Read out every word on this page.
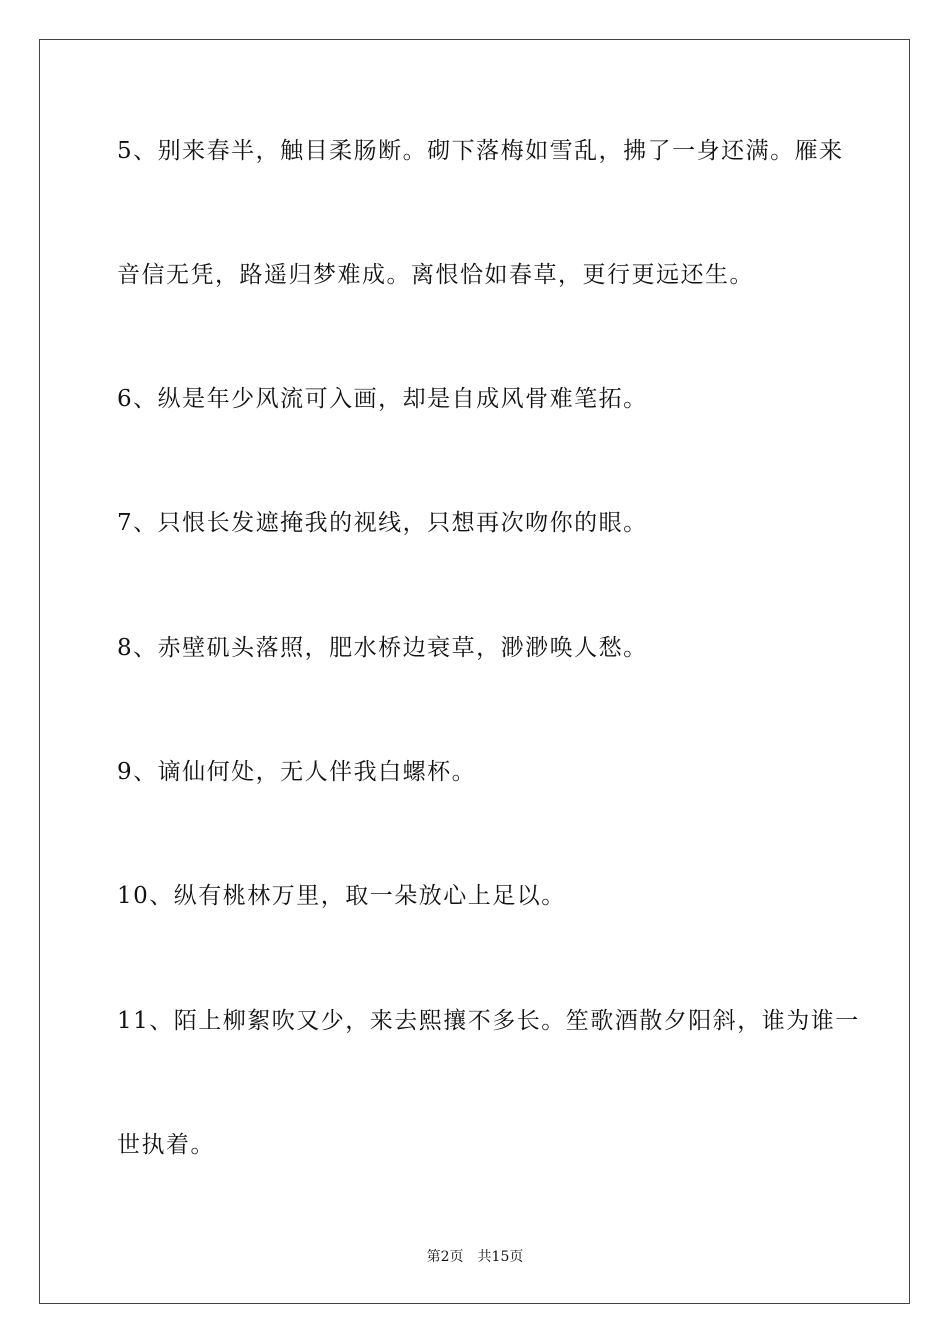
5、别来春半，触目柔肠断。砌下落梅如雪乱，拂了一身还满。雁来
音信无凭，路遥归梦难成。离恨恰如春草，更行更远还生。
6、纵是年少风流可入画，却是自成风骨难笔拓。
7、只恨长发遮掩我的视线，只想再次吻你的眼。
8、赤壁矶头落照，肥水桥边衰草，渺渺唤人愁。
9、谪仙何处，无人伴我白螺杯。
10、纵有桃林万里，取一朵放心上足以。
11、陌上柳絮吹又少，来去熙攘不多长。笙歌酒散夕阳斜，谁为谁一
世执着。
第2页　共15页
